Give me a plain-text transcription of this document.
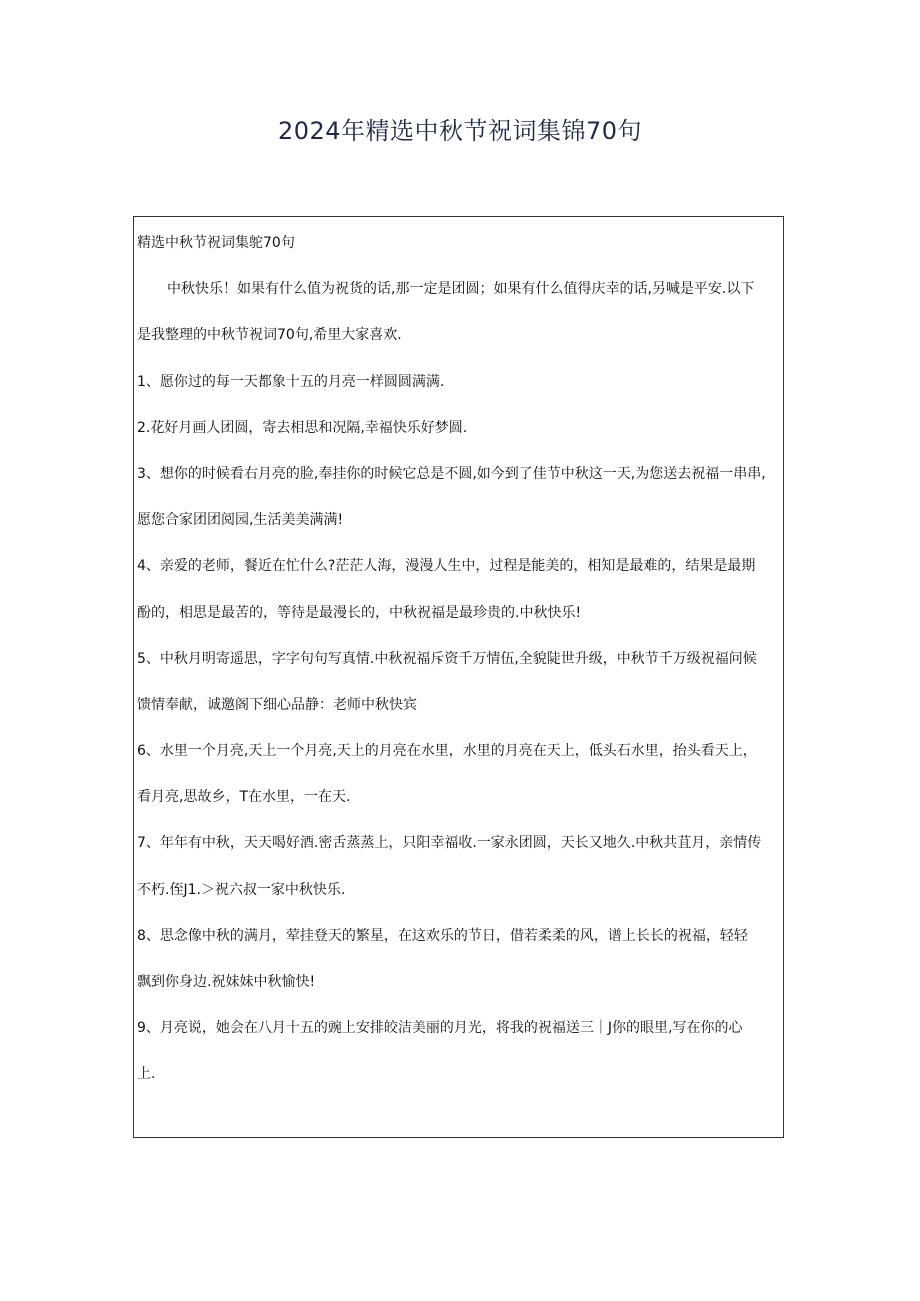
2024年精选中秋节祝词集锦70句
精选中秋节祝词集鸵70句
中秋快乐！如果有什么值为祝货的话,那一定是团圆；如果有什么值得庆幸的话,另喊是平安.以下
是我整理的中秋节祝词70句,希里大家喜欢.
1、愿你过的每一天都象十五的月亮一样圆圆满满.
2.花好月画人团圆，寄去相思和况隔,幸福快乐好梦圆.
3、想你的时候看右月亮的脸,奉挂你的时候它总是不圆,如今到了佳节中秋这一天,为您送去祝福一串串,
愿您合家团团阅园,生活美美满满!
4、亲爱的老师，餐近在忙什么?茫茫人海，漫漫人生中，过程是能美的，相知是最难的，结果是最期
酚的，相思是最苦的，等待是最漫长的，中秋祝福是最珍贵的.中秋快乐!
5、中秋月明寄遥思，字字句句写真情.中秋祝福斥资千万情伍,全貌陡世升级，中秋节千万级祝福问候
馈情奉献，诚邀阁下细心品静：老师中秋快宾
6、水里一个月亮,天上一个月亮,天上的月亮在水里，水里的月亮在天上，低头石水里，抬头看天上，
看月亮,思故乡，T在水里，一在天.
7、年年有中秋，天天喝好酒.密舌蒸蒸上，只阳幸福收.一家永团圆，天长又地久.中秋共苴月，亲情传
不朽.侄J1.＞祝六叔一家中秋快乐.
8、思念像中秋的满月，荤挂登天的繁星，在这欢乐的节日，借若柔柔的风，谱上长长的祝福，轻轻
飘到你身边.祝妹妹中秋愉快!
9、月亮说，她会在八月十五的豌上安排皎洁美丽的月光，将我的祝福送三｜J你的眼里,写在你的心
上.
